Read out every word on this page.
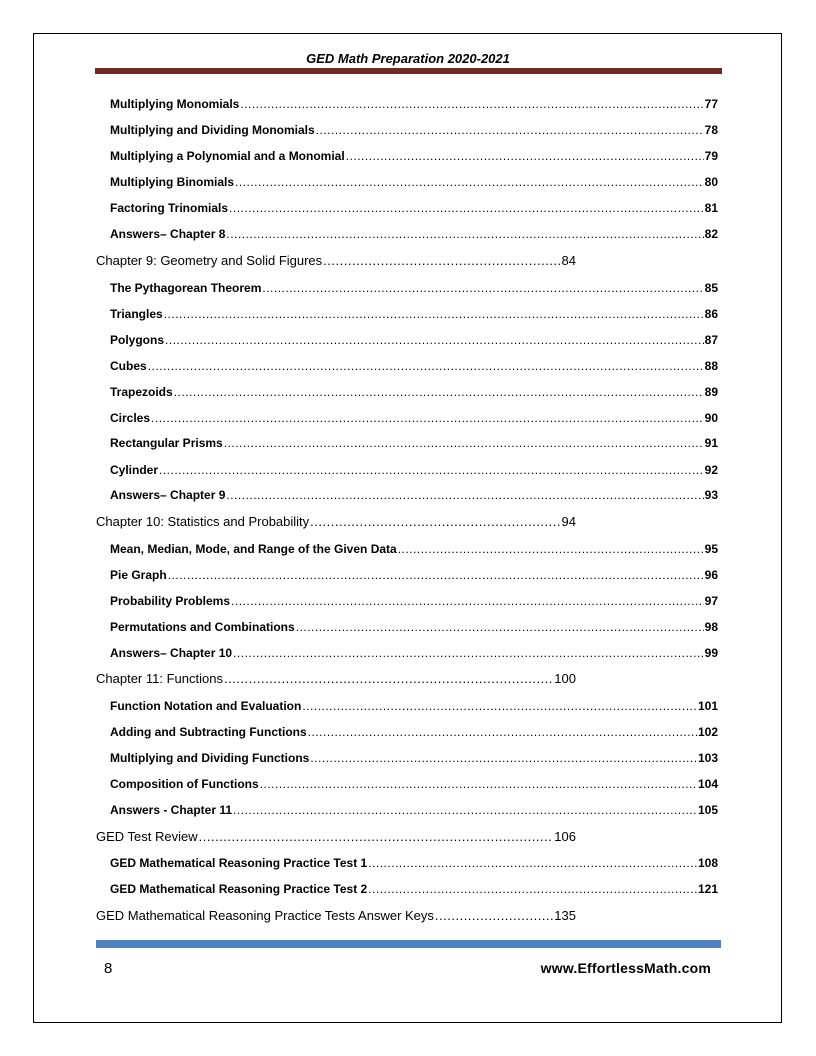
GED Math Preparation 2020-2021
Multiplying Monomials .....	77
Multiplying and Dividing Monomials .....	78
Multiplying a Polynomial and a Monomial .....	79
Multiplying Binomials .....	80
Factoring Trinomials .....	81
Answers– Chapter 8 .....	82
Chapter 9: Geometry and Solid Figures .....	84
The Pythagorean Theorem .....	85
Triangles .....	86
Polygons .....	87
Cubes .....	88
Trapezoids .....	89
Circles .....	90
Rectangular Prisms .....	91
Cylinder .....	92
Answers– Chapter 9 .....	93
Chapter 10: Statistics and Probability .....	94
Mean, Median, Mode, and Range of the Given Data .....	95
Pie Graph .....	96
Probability Problems .....	97
Permutations and Combinations .....	98
Answers– Chapter 10 .....	99
Chapter 11: Functions .....	100
Function Notation and Evaluation .....	101
Adding and Subtracting Functions .....	102
Multiplying and Dividing Functions .....	103
Composition of Functions .....	104
Answers - Chapter 11 .....	105
GED Test Review .....	106
GED Mathematical Reasoning Practice Test 1 .....	108
GED Mathematical Reasoning Practice Test 2 .....	121
GED Mathematical Reasoning Practice Tests Answer Keys .....	135
8	www.EffortlessMath.com
